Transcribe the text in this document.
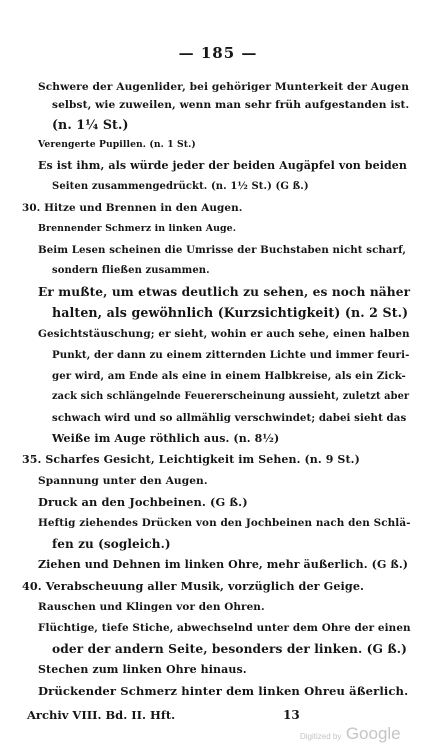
— 185 —
Schwere der Augenlider, bei gehöriger Munterkeit der Augen
selbst, wie zuweilen, wenn man sehr früh aufgestanden ist.
(n. 1¼ St.)
Verengerte Pupillen. (n. 1 St.)
Es ist ihm, als würde jeder der beiden Augäpfel von beiden
Seiten zusammengedrückt. (n. 1½ St.) (G ß.)
30. Hitze und Brennen in den Augen.
Brennender Schmerz in linken Auge.
Beim Lesen scheinen die Umrisse der Buchstaben nicht scharf,
sondern fließen zusammen.
Er mußte, um etwas deutlich zu sehen, es noch näher
halten, als gewöhnlich (Kurzsichtigkeit) (n. 2 St.)
Gesichtstäuschung; er sieht, wohin er auch sehe, einen halben
Punkt, der dann zu einem zitternden Lichte und immer feuri-
ger wird, am Ende als eine in einem Halbkreise, als ein Zick-
zack sich schlängelnde Feuererscheinung aussieht, zuletzt aber
schwach wird und so allmählig verschwindet; dabei sieht das
Weiße im Auge röthlich aus. (n. 8½)
35. Scharfes Gesicht, Leichtigkeit im Sehen. (n. 9 St.)
Spannung unter den Augen.
Druck an den Jochbeinen. (G ß.)
Heftig ziehendes Drücken von den Jochbeinen nach den Schlä-
fen zu (sogleich.)
Ziehen und Dehnen im linken Ohre, mehr äußerlich. (G ß.)
40. Verabscheuung aller Musik, vorzüglich der Geige.
Rauschen und Klingen vor den Ohren.
Flüchtige, tiefe Stiche, abwechselnd unter dem Ohre der einen
oder der andern Seite, besonders der linken. (G ß.)
Stechen zum linken Ohre hinaus.
Drückender Schmerz hinter dem linken Ohreu äßerlich.
Archiv VIII. Bd. II. Hft.	13
Digitized by Google
